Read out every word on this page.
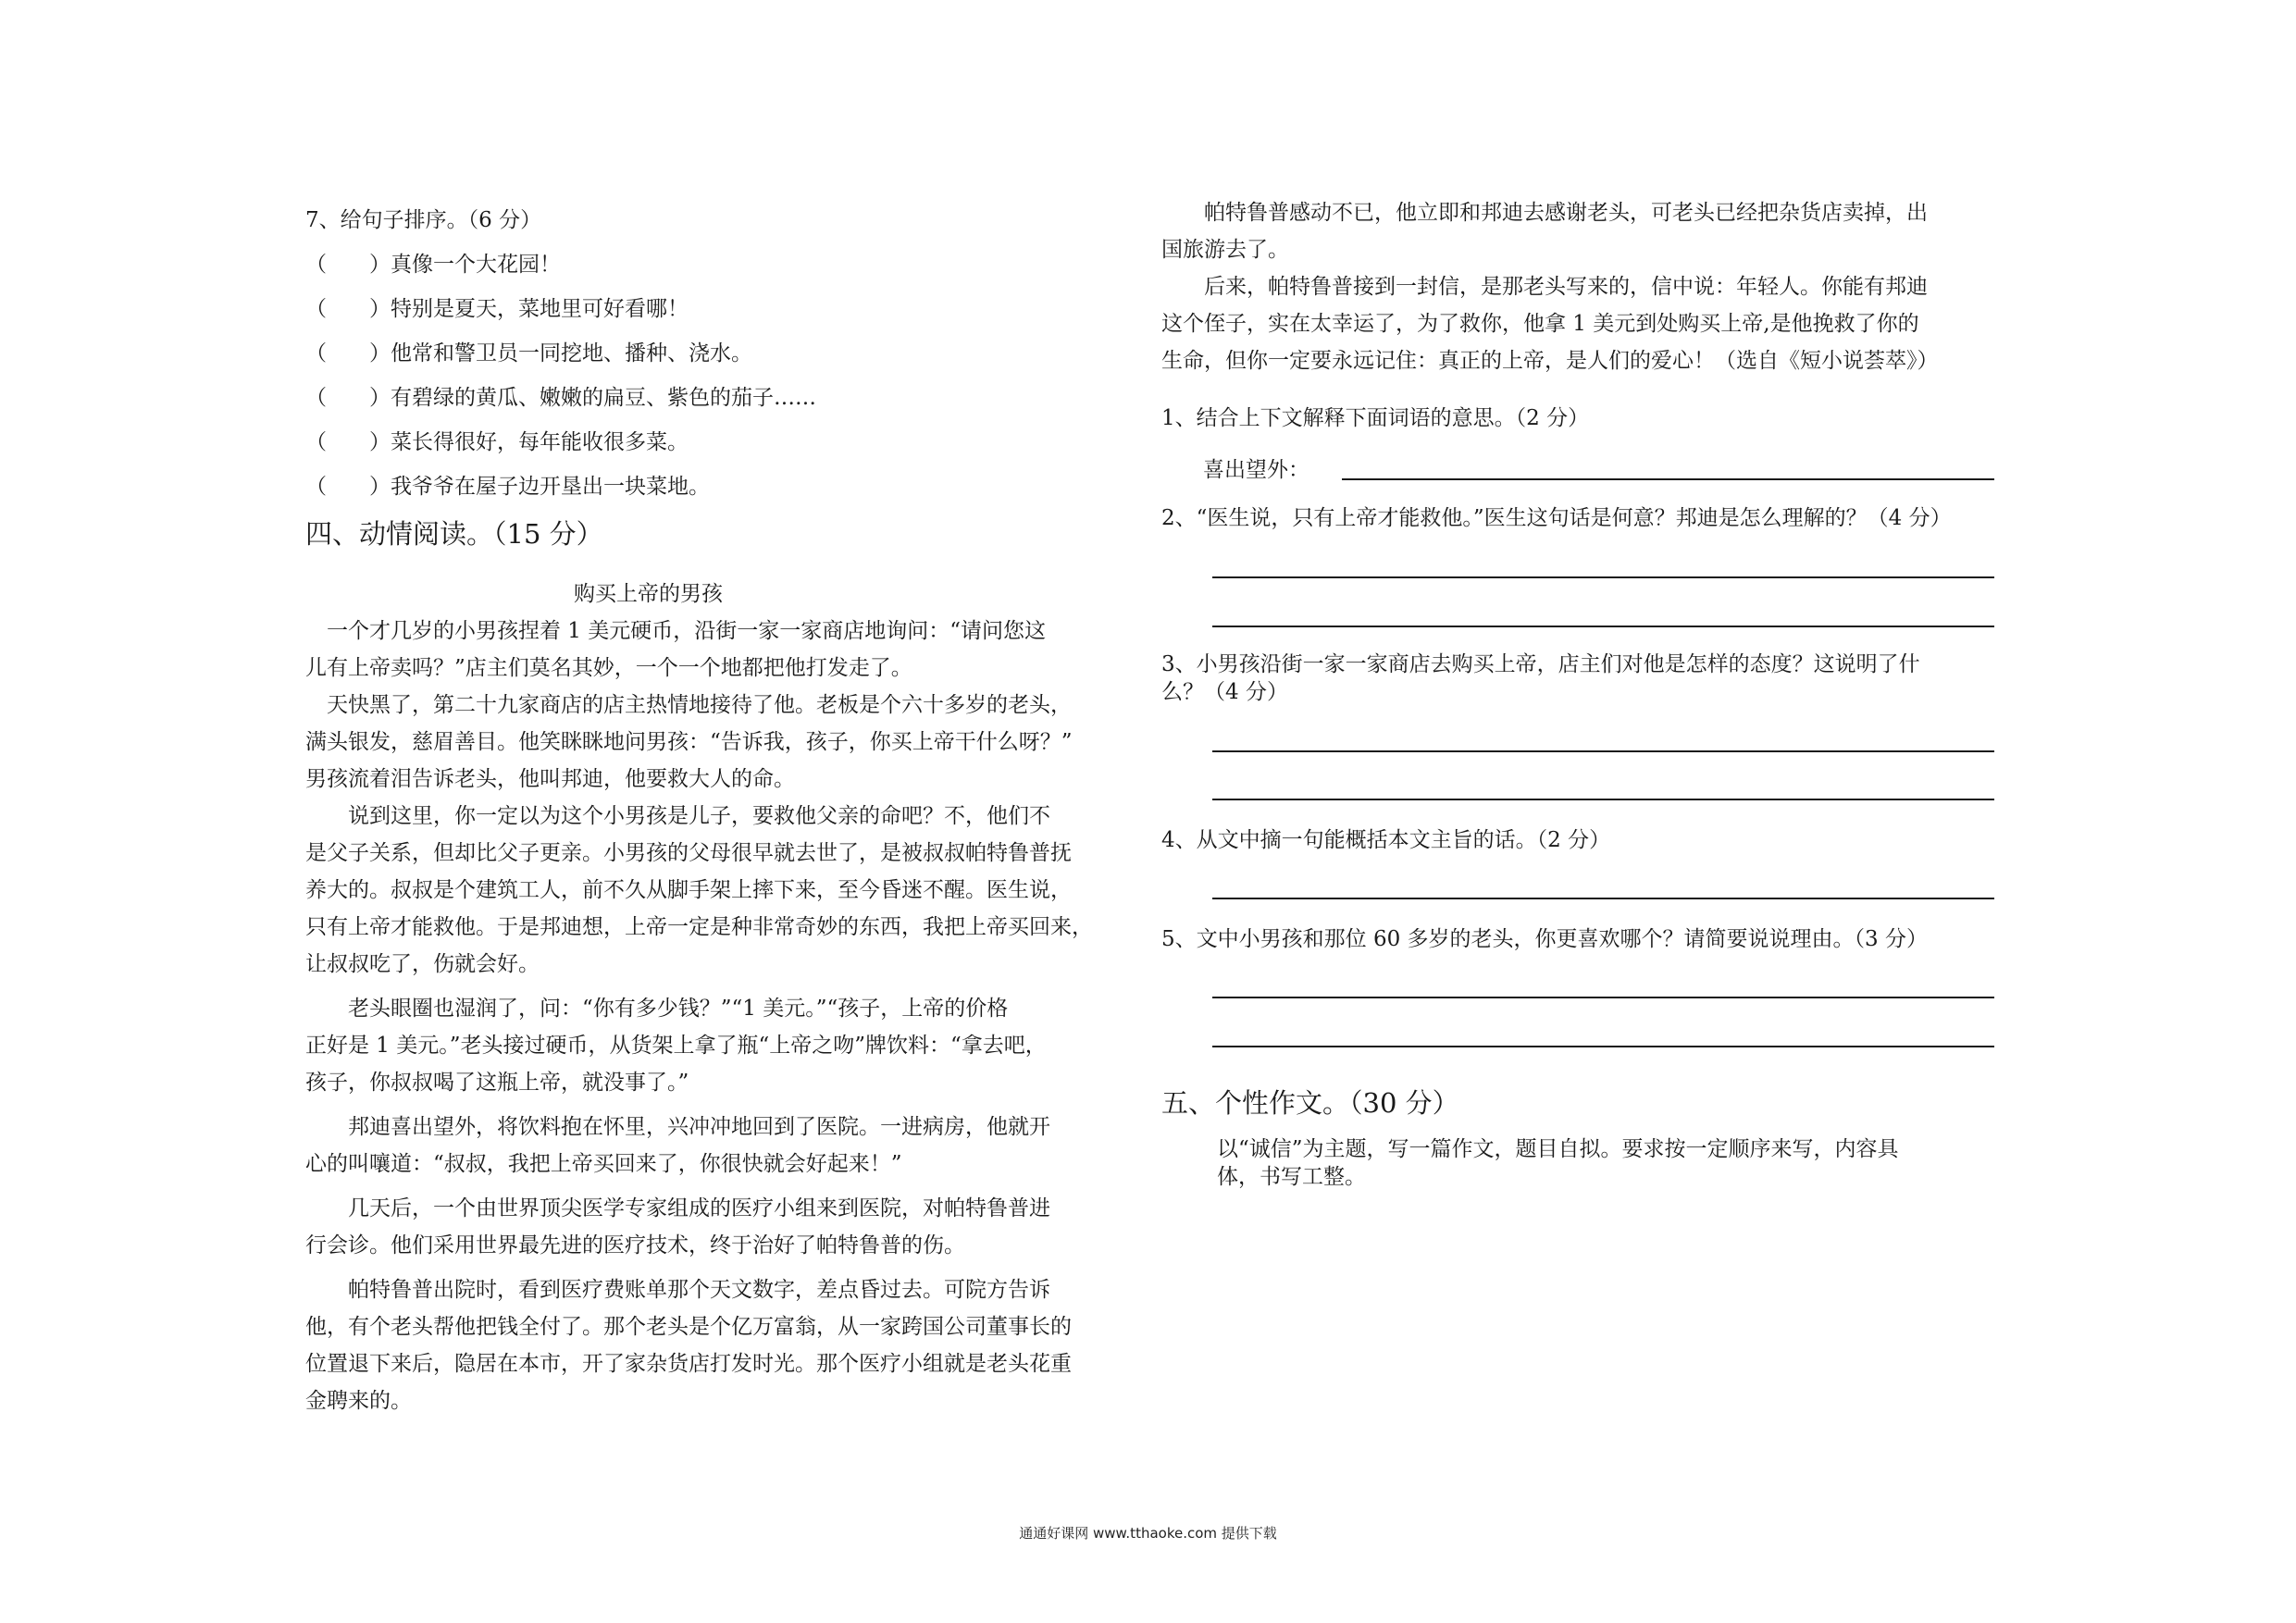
7、给句子排序。（6 分）
（　　）真像一个大花园！
（　　）特别是夏天，菜地里可好看哪！
（　　）他常和警卫员一同挖地、播种、浇水。
（　　）有碧绿的黄瓜、嫩嫩的扁豆、紫色的茄子……
（　　）菜长得很好，每年能收很多菜。
（　　）我爷爷在屋子边开垦出一块菜地。
四、动情阅读。（15 分）
购买上帝的男孩
　一个才几岁的小男孩捏着 1 美元硬币，沿街一家一家商店地询问：“请问您这
儿有上帝卖吗？”店主们莫名其妙，一个一个地都把他打发走了。
　天快黑了，第二十九家商店的店主热情地接待了他。老板是个六十多岁的老头，
满头银发，慈眉善目。他笑眯眯地问男孩：“告诉我，孩子，你买上帝干什么呀？”
男孩流着泪告诉老头，他叫邦迪，他要救大人的命。
　　说到这里，你一定以为这个小男孩是儿子，要救他父亲的命吧？不，他们不
是父子关系，但却比父子更亲。小男孩的父母很早就去世了，是被叔叔帕特鲁普抚
养大的。叔叔是个建筑工人，前不久从脚手架上摔下来，至今昏迷不醒。医生说，
只有上帝才能救他。于是邦迪想，上帝一定是种非常奇妙的东西，我把上帝买回来，
让叔叔吃了，伤就会好。
　　老头眼圈也湿润了，问：“你有多少钱？”“1 美元。”“孩子，上帝的价格
正好是 1 美元。”老头接过硬币，从货架上拿了瓶“上帝之吻”牌饮料：“拿去吧，
孩子，你叔叔喝了这瓶上帝，就没事了。”
　　邦迪喜出望外，将饮料抱在怀里，兴冲冲地回到了医院。一进病房，他就开
心的叫嚷道：“叔叔，我把上帝买回来了，你很快就会好起来！”
　　几天后，一个由世界顶尖医学专家组成的医疗小组来到医院，对帕特鲁普进
行会诊。他们采用世界最先进的医疗技术，终于治好了帕特鲁普的伤。
　　帕特鲁普出院时，看到医疗费账单那个天文数字，差点昏过去。可院方告诉
他，有个老头帮他把钱全付了。那个老头是个亿万富翁，从一家跨国公司董事长的
位置退下来后，隐居在本市，开了家杂货店打发时光。那个医疗小组就是老头花重
金聘来的。
　　帕特鲁普感动不已，他立即和邦迪去感谢老头，可老头已经把杂货店卖掉，出
国旅游去了。
　　后来，帕特鲁普接到一封信，是那老头写来的，信中说：年轻人。你能有邦迪
这个侄子，实在太幸运了，为了救你，他拿 1 美元到处购买上帝,是他挽救了你的
生命，但你一定要永远记住：真正的上帝，是人们的爱心！（选自《短小说荟萃》）
1、结合上下文解释下面词语的意思。（2 分）
喜出望外：
2、“医生说，只有上帝才能救他。”医生这句话是何意？邦迪是怎么理解的？（4 分）
3、小男孩沿街一家一家商店去购买上帝，店主们对他是怎样的态度？这说明了什
么？（4 分）
4、从文中摘一句能概括本文主旨的话。（2 分）
5、文中小男孩和那位 60 多岁的老头，你更喜欢哪个？请简要说说理由。（3 分）
五、个性作文。（30 分）
以“诚信”为主题，写一篇作文，题目自拟。要求按一定顺序来写，内容具
体，书写工整。
通通好课网 www.tthaoke.com 提供下载
